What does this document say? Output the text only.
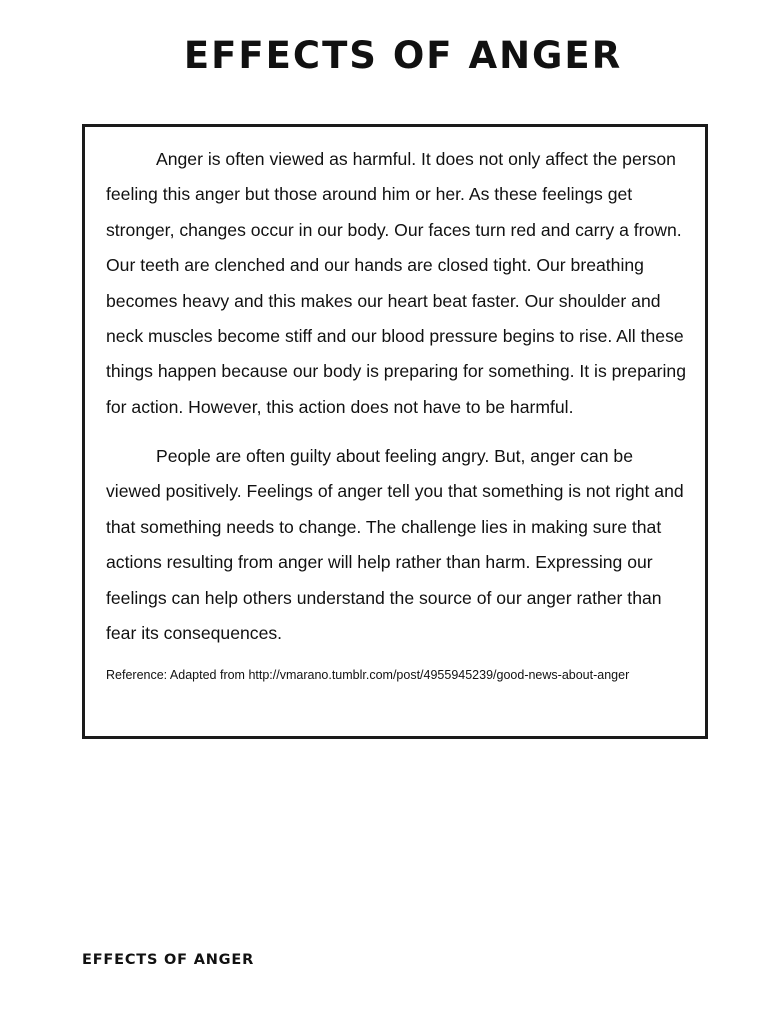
EFFECTS OF ANGER

Anger is often viewed as harmful. It does not only affect the person feeling this anger but those around him or her. As these feelings get stronger, changes occur in our body. Our faces turn red and carry a frown. Our teeth are clenched and our hands are closed tight. Our breathing becomes heavy and this makes our heart beat faster. Our shoulder and neck muscles become stiff and our blood pressure begins to rise. All these things happen because our body is preparing for something. It is preparing for action. However, this action does not have to be harmful.

People are often guilty about feeling angry. But, anger can be viewed positively. Feelings of anger tell you that something is not right and that something needs to change. The challenge lies in making sure that actions resulting from anger will help rather than harm. Expressing our feelings can help others understand the source of our anger rather than fear its consequences.

Reference: Adapted from http://vmarano.tumblr.com/post/4955945239/good-news-about-anger

EFFECTS OF ANGER
